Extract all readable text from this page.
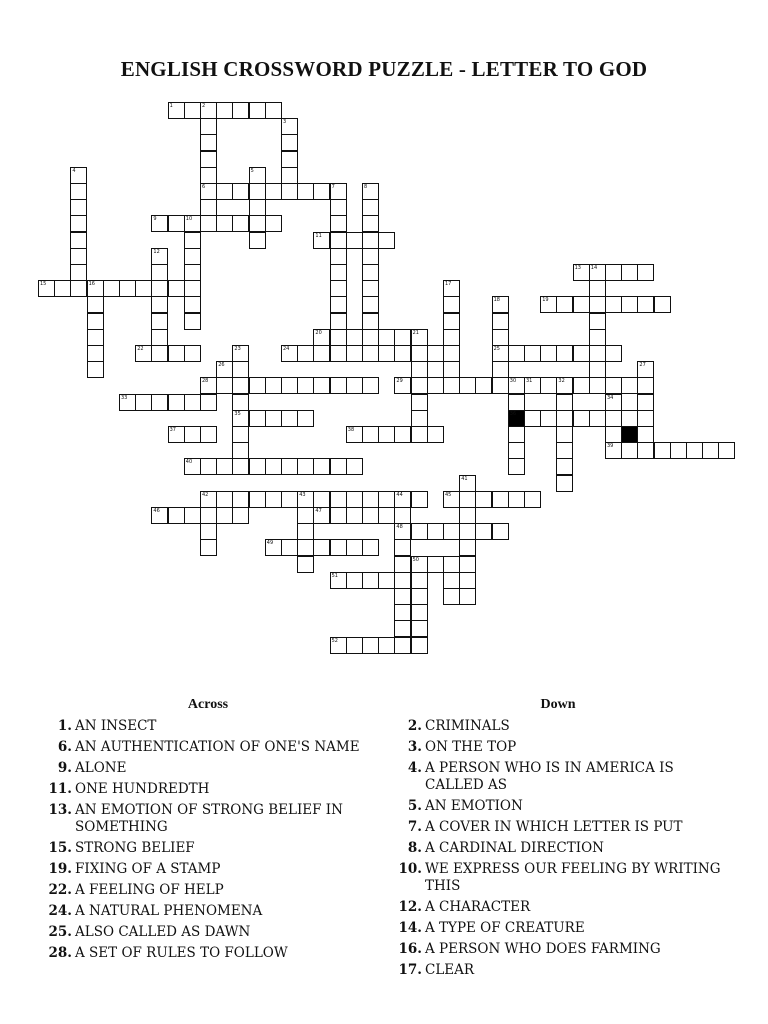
ENGLISH CROSSWORD PUZZLE - LETTER TO GOD
1	2
6
3
5
7	8
9	10
11
4
12
15	16
13 14
17
18
25
19
20	21
22	24
23
35
26	27
28	29	30 31	32
36
33	34
37	38
39
40
41
42	43	44	45
48
46	47
49
50
51
52
Across
1. AN INSECT
6. AN AUTHENTICATION OF ONE'S NAME
9. ALONE
11. ONE HUNDREDTH
13. AN EMOTION OF STRONG BELIEF IN SOMETHING
15. STRONG BELIEF
19. FIXING OF A STAMP
22. A FEELING OF HELP
24. A NATURAL PHENOMENA
25. ALSO CALLED AS DAWN
28. A SET OF RULES TO FOLLOW
Down
2. CRIMINALS
3. ON THE TOP
4. A PERSON WHO IS IN AMERICA IS CALLED AS
5. AN EMOTION
7. A COVER IN WHICH LETTER IS PUT
8. A CARDINAL DIRECTION
10. WE EXPRESS OUR FEELING BY WRITING THIS
12. A CHARACTER
14. A TYPE OF CREATURE
16. A PERSON WHO DOES FARMING
17. CLEAR
